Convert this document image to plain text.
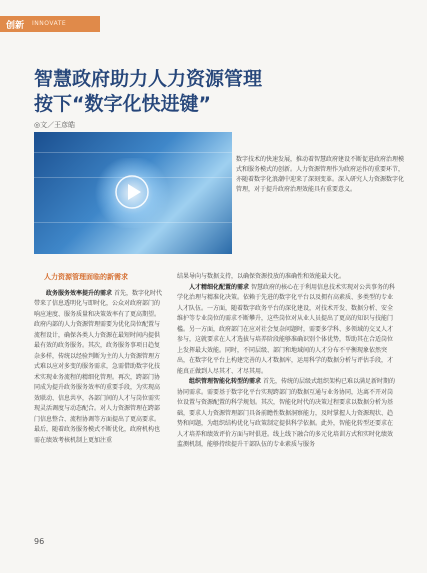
创新 INNOVATE
智慧政府助力人力资源管理
按下“数字化快进键”
◎文／王彦皓
数字技术的快速发展，推动着智慧政府建设不断促进政府治理模式和服务模式的创新。人力资源管理作为政府运作的重要环节，亦随着数字化浪潮中迎来了深刻变革。深入研究人力资源数字化管理，对于提升政府治理效能具有重要意义。
人力资源管理面临的新需求

政务服务效率提升的需求 首先，数字化时代带来了信息透明化与即时化，公众对政府部门的响应速度、服务质量和决策效率有了更高期望。政府内部的人力资源管理需要为优化岗位配置与流程设计，确保各类人力资源在最短时间内提供最有效的政务服务。其次，政务服务事项日趋复杂多样，传统以经验判断为主的人力资源管理方式难以应对多变的服务需求，急需借助数字化技术实现业务流程的精细化管理。再次，跨部门协同成为提升政务服务效率的重要手段，为实现高效联动、信息共享，各部门间的人才与岗位需实现灵活调度与动态配合。对人力资源管理在跨部门信息整合、流程协调等方面提出了更高要求。最后，随着政务服务模式不断优化，政府机构也需在绩效考核机制上更加注重

结果导向与数据支持，以确保资源投放的准确性和效能最大化。

人才精细化配置的需求 智慧政府的核心在于利用信息技术实现对公共事务的科学化治理与精准化决策。依赖于先进的数字化平台以及拥有高素质、多类型的专业人才队伍。一方面，随着数字政务平台的深化建设，对技术开发、数据分析、安全维护等专业岗位的需求不断攀升，这些岗位对从业人员提出了更高的知识与技能门槛。另一方面，政府部门在应对社会复杂问题时，需要多学科、多领域的交叉人才参与，这就要求在人才选拔与培养阶段能够准确识别个体优势，帮助其在合适岗位上发挥最大效能。同时，不同层级、部门和地域间的人才分布不平衡现象依然突出，在数字化平台上构建完善的人才数据库，运用科学的数据分析与评估手段，才能真正做到人尽其才、才尽其用。

组织管理智能化转型的需求 首先，传统的层级式组织架构已难以满足新时期的协同需求。需要基于数字化平台实现跨部门的数据互通与业务协同，达离不开对岗位设置与资源配置的科学规划。其次，智能化时代的决策过程要求以数据分析为基础，要求人力资源管理部门具备前瞻性数据洞察能力，及时掌握人力资源现状、趋势和问题，为组织结构优化与政策制定提供科学依据。此外，智能化转型还要求在人才培养和绩效评价方面与时俱进。线上线下融合的多元化培训方式和实时化绩效监测机制，能够持续提升干部队伍的专业素质与服务

96
